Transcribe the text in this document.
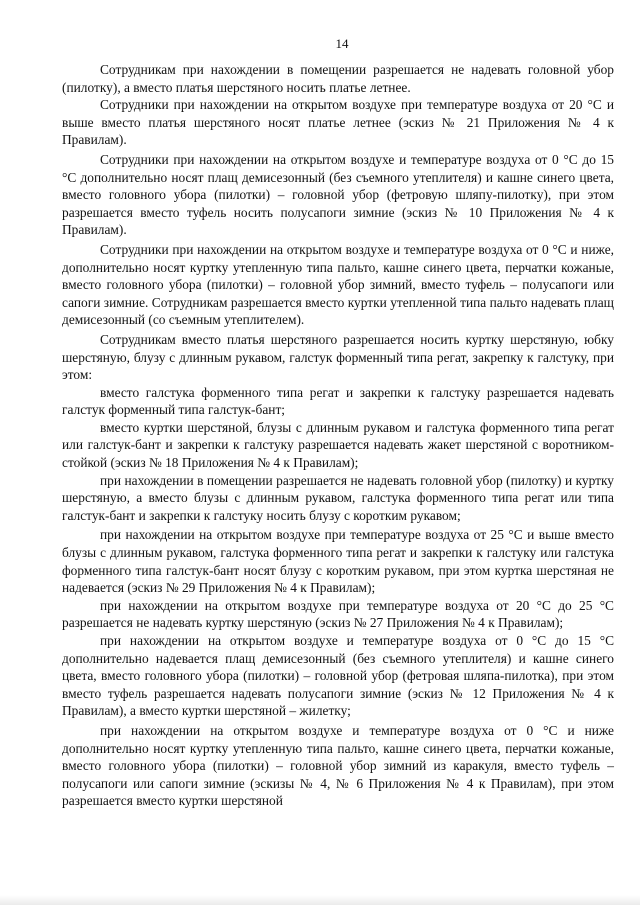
14

Сотрудникам при нахождении в помещении разрешается не надевать головной убор (пилотку), а вместо платья шерстяного носить платье летнее.

Сотрудники при нахождении на открытом воздухе при температуре воздуха от 20 °С и выше вместо платья шерстяного носят платье летнее (эскиз № 21 Приложения № 4 к Правилам).

Сотрудники при нахождении на открытом воздухе и температуре воздуха от 0 °С до 15 °С дополнительно носят плащ демисезонный (без съемного утеплителя) и кашне синего цвета, вместо головного убора (пилотки) – головной убор (фетровую шляпу-пилотку), при этом разрешается вместо туфель носить полусапоги зимние (эскиз № 10 Приложения № 4 к Правилам).

Сотрудники при нахождении на открытом воздухе и температуре воздуха от 0 °С и ниже, дополнительно носят куртку утепленную типа пальто, кашне синего цвета, перчатки кожаные, вместо головного убора (пилотки) – головной убор зимний, вместо туфель – полусапоги или сапоги зимние. Сотрудникам разрешается вместо куртки утепленной типа пальто надевать плащ демисезонный (со съемным утеплителем).

Сотрудникам вместо платья шерстяного разрешается носить куртку шерстяную, юбку шерстяную, блузу с длинным рукавом, галстук форменный типа регат, закрепку к галстуку, при этом:

вместо галстука форменного типа регат и закрепки к галстуку разрешается надевать галстук форменный типа галстук-бант;

вместо куртки шерстяной, блузы с длинным рукавом и галстука форменного типа регат или галстук-бант и закрепки к галстуку разрешается надевать жакет шерстяной с воротником-стойкой (эскиз № 18 Приложения № 4 к Правилам);

при нахождении в помещении разрешается не надевать головной убор (пилотку) и куртку шерстяную, а вместо блузы с длинным рукавом, галстука форменного типа регат или типа галстук-бант и закрепки к галстуку носить блузу с коротким рукавом;

при нахождении на открытом воздухе при температуре воздуха от 25 °С и выше вместо блузы с длинным рукавом, галстука форменного типа регат и закрепки к галстуку или галстука форменного типа галстук-бант носят блузу с коротким рукавом, при этом куртка шерстяная не надевается (эскиз № 29 Приложения № 4 к Правилам);

при нахождении на открытом воздухе при температуре воздуха от 20 °С до 25 °С разрешается не надевать куртку шерстяную (эскиз № 27 Приложения № 4 к Правилам);

при нахождении на открытом воздухе и температуре воздуха от 0 °С до 15 °С дополнительно надевается плащ демисезонный (без съемного утеплителя) и кашне синего цвета, вместо головного убора (пилотки) – головной убор (фетровая шляпа-пилотка), при этом вместо туфель разрешается надевать полусапоги зимние (эскиз № 12 Приложения № 4 к Правилам), а вместо куртки шерстяной – жилетку;

при нахождении на открытом воздухе и температуре воздуха от 0 °С и ниже дополнительно носят куртку утепленную типа пальто, кашне синего цвета, перчатки кожаные, вместо головного убора (пилотки) – головной убор зимний из каракуля, вместо туфель – полусапоги или сапоги зимние (эскизы № 4, № 6 Приложения № 4 к Правилам), при этом разрешается вместо куртки шерстяной
